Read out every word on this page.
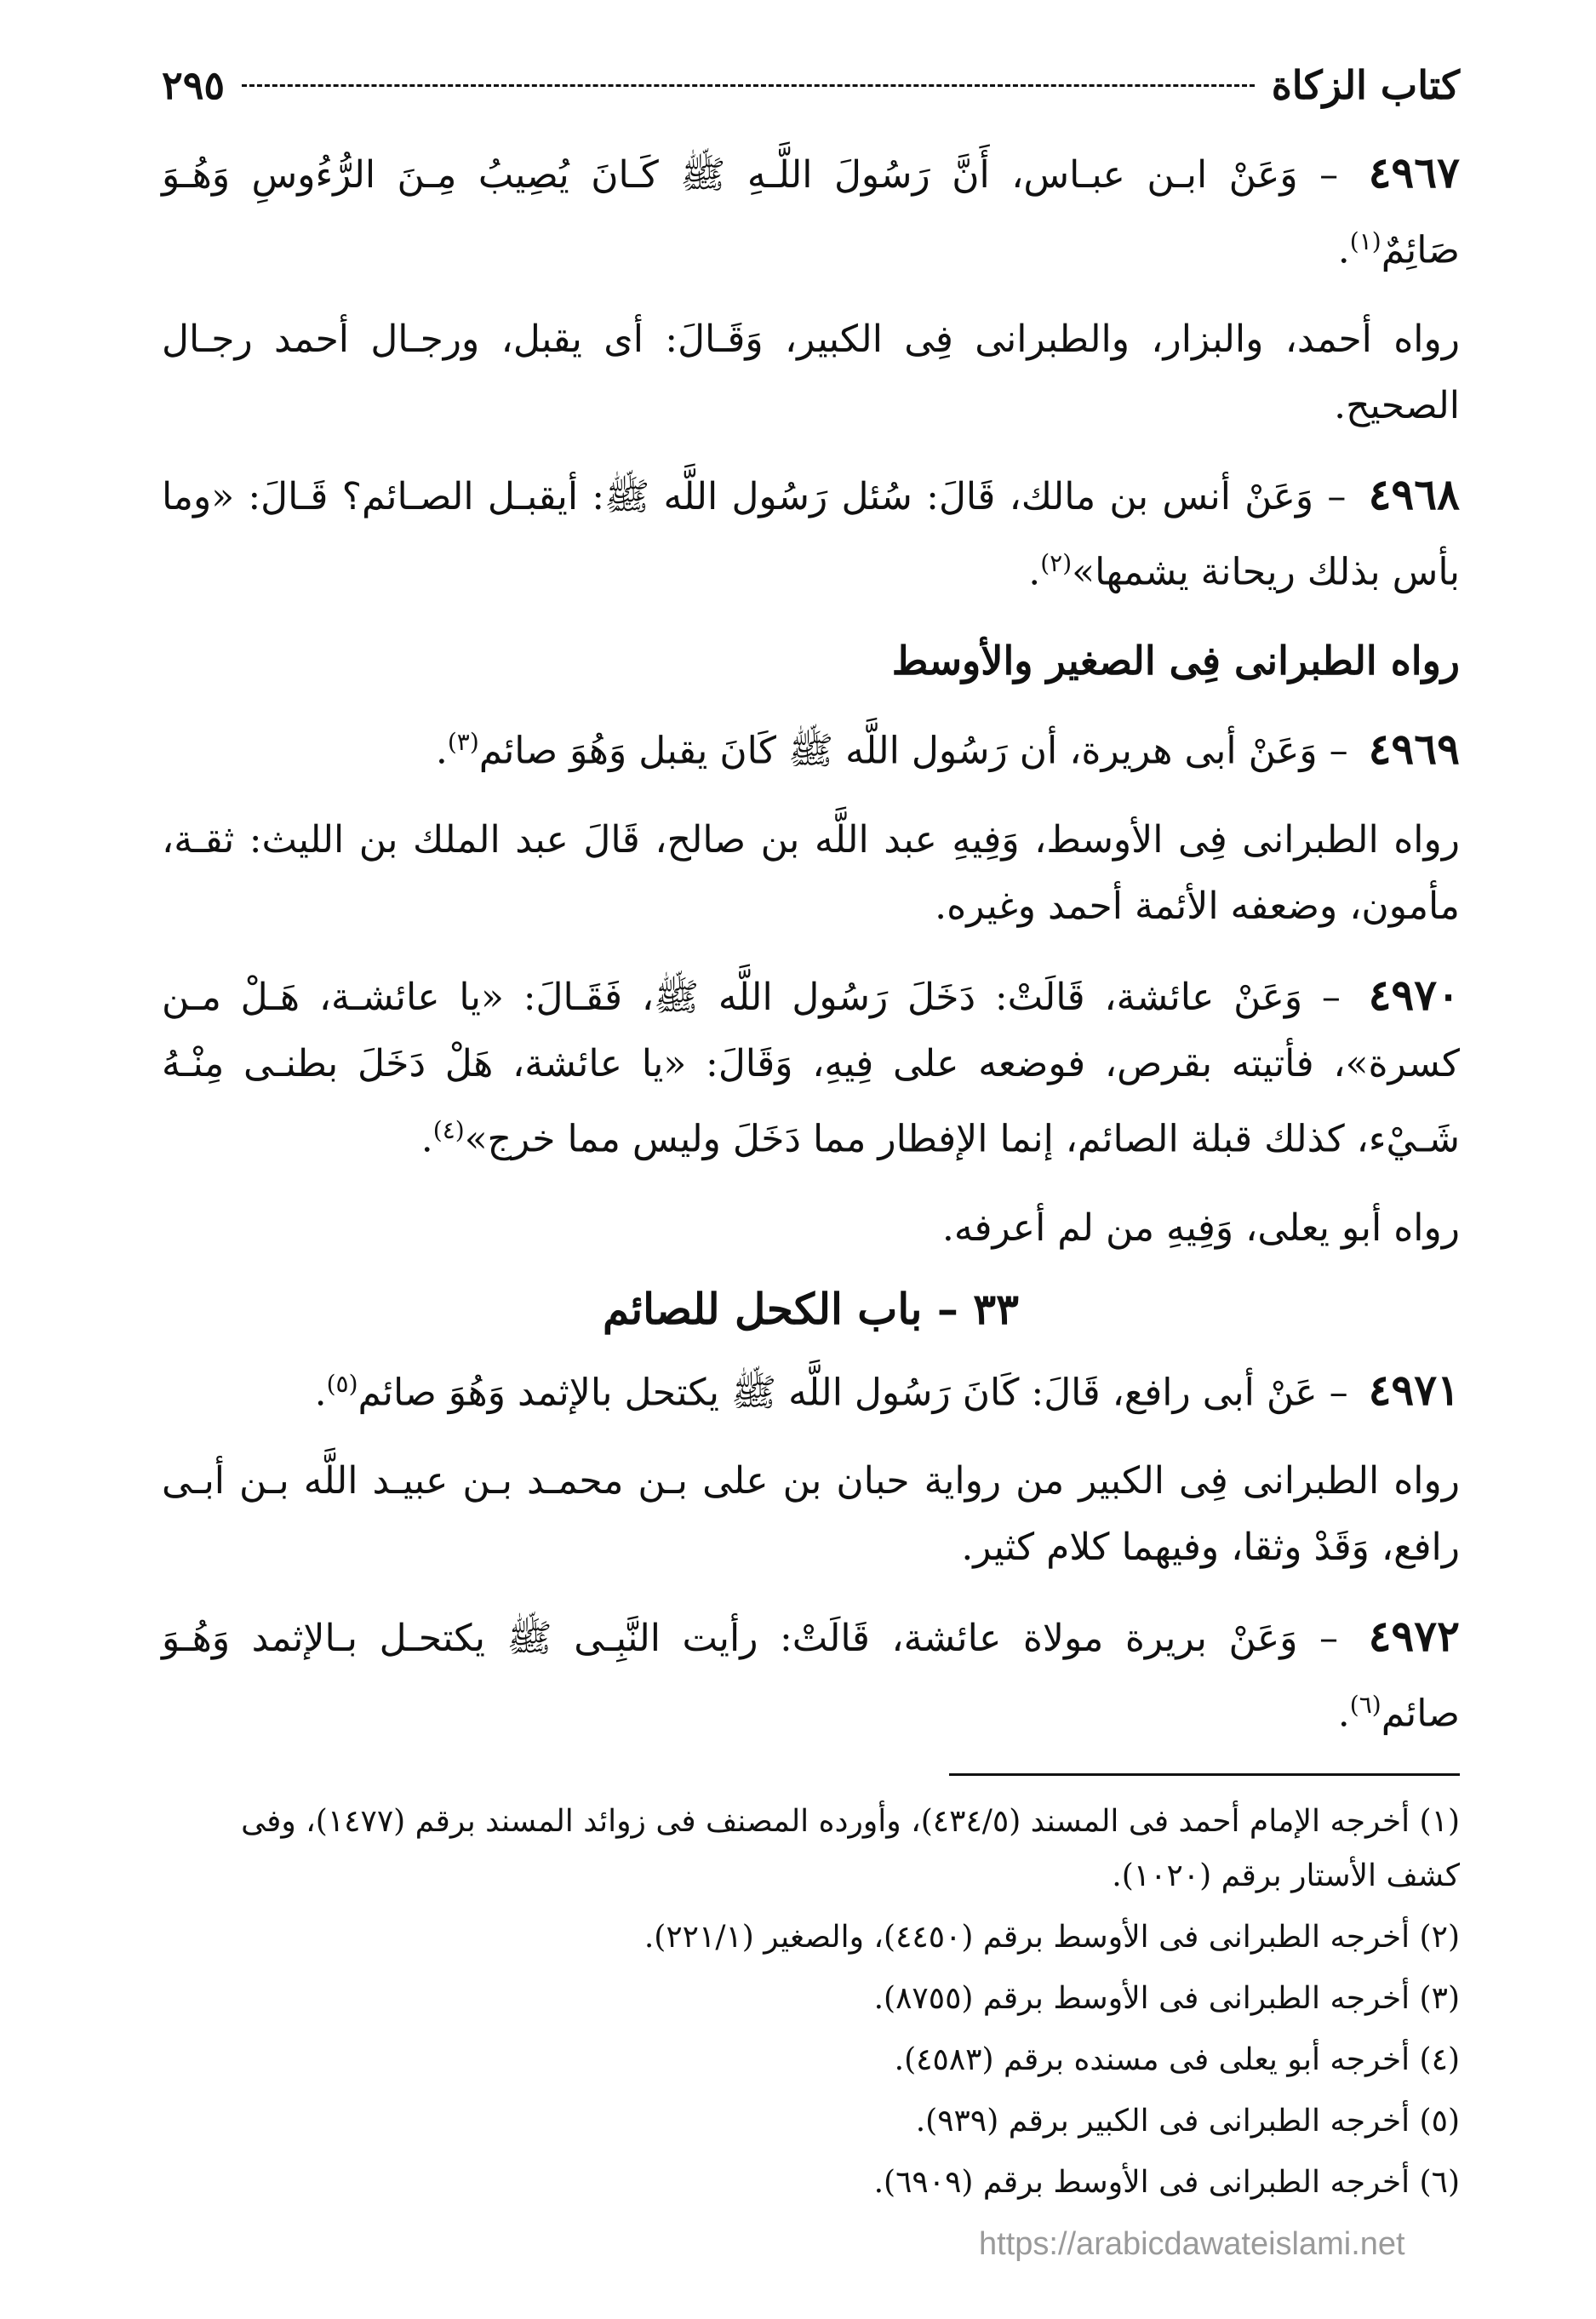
كتاب الزكاة
٢٩٥

٤٩٦٧ – وَعَنْ ابـن عبـاس، أَنَّ رَسُولَ اللَّـهِ ﷺ كَـانَ يُصِيبُ مِـنَ الرُّءُوسِ وَهُـوَ صَائِمٌ$^{(١)}$.

رواه أحمد، والبزار، والطبرانى فِى الكبير، وَقَـالَ: أى يقبل، ورجـال أحمد رجـال الصحيح.

٤٩٦٨ – وَعَنْ أنس بن مالك، قَالَ: سُئل رَسُول اللَّه ﷺ: أيقبـل الصـائم؟ قَـالَ: «وما بأس بذلك ريحانة يشمها»$^{(٢)}$.

رواه الطبرانى فِى الصغير والأوسط

٤٩٦٩ – وَعَنْ أبى هريرة، أن رَسُول اللَّه ﷺ كَانَ يقبل وَهُوَ صائم$^{(٣)}$.

رواه الطبرانى فِى الأوسط، وَفِيهِ عبد اللَّه بن صالح، قَالَ عبد الملك بن الليث: ثقـة، مأمون، وضعفه الأئمة أحمد وغيره.

٤٩٧٠ – وَعَنْ عائشة، قَالَتْ: دَخَلَ رَسُول اللَّه ﷺ، فَقَـالَ: «يا عائشـة، هَـلْ مـن كسرة»، فأتيته بقرص، فوضعه على فِيهِ، وَقَالَ: «يا عائشة، هَلْ دَخَلَ بطنـى مِنْـهُ شَـيْء، كذلك قبلة الصائم، إنما الإفطار مما دَخَلَ وليس مما خرج»$^{(٤)}$.

رواه أبو يعلى، وَفِيهِ من لم أعرفه.

٣٣ – باب الكحل للصائم

٤٩٧١ – عَنْ أبى رافع، قَالَ: كَانَ رَسُول اللَّه ﷺ يكتحل بالإثمد وَهُوَ صائم$^{(٥)}$.

رواه الطبرانى فِى الكبير من رواية حبان بن على بـن محمـد بـن عبيـد اللَّه بـن أبـى رافع، وَقَدْ وثقا، وفيهما كلام كثير.

٤٩٧٢ – وَعَنْ بريرة مولاة عائشة، قَالَتْ: رأيت النَّبِـى ﷺ يكتحـل بـالإثمد وَهُـوَ صائم$^{(٦)}$.

(١) أخرجه الإمام أحمد فى المسند (٤٣٤/٥)، وأورده المصنف فى زوائد المسند برقم (١٤٧٧)، وفى كشف الأستار برقم (١٠٢٠).

(٢) أخرجه الطبرانى فى الأوسط برقم (٤٤٥٠)، والصغير (٢٢١/١).

(٣) أخرجه الطبرانى فى الأوسط برقم (٨٧٥٥).

(٤) أخرجه أبو يعلى فى مسنده برقم (٤٥٨٣).

(٥) أخرجه الطبرانى فى الكبير برقم (٩٣٩).

(٦) أخرجه الطبرانى فى الأوسط برقم (٦٩٠٩).

https://arabicdawateislami.net
